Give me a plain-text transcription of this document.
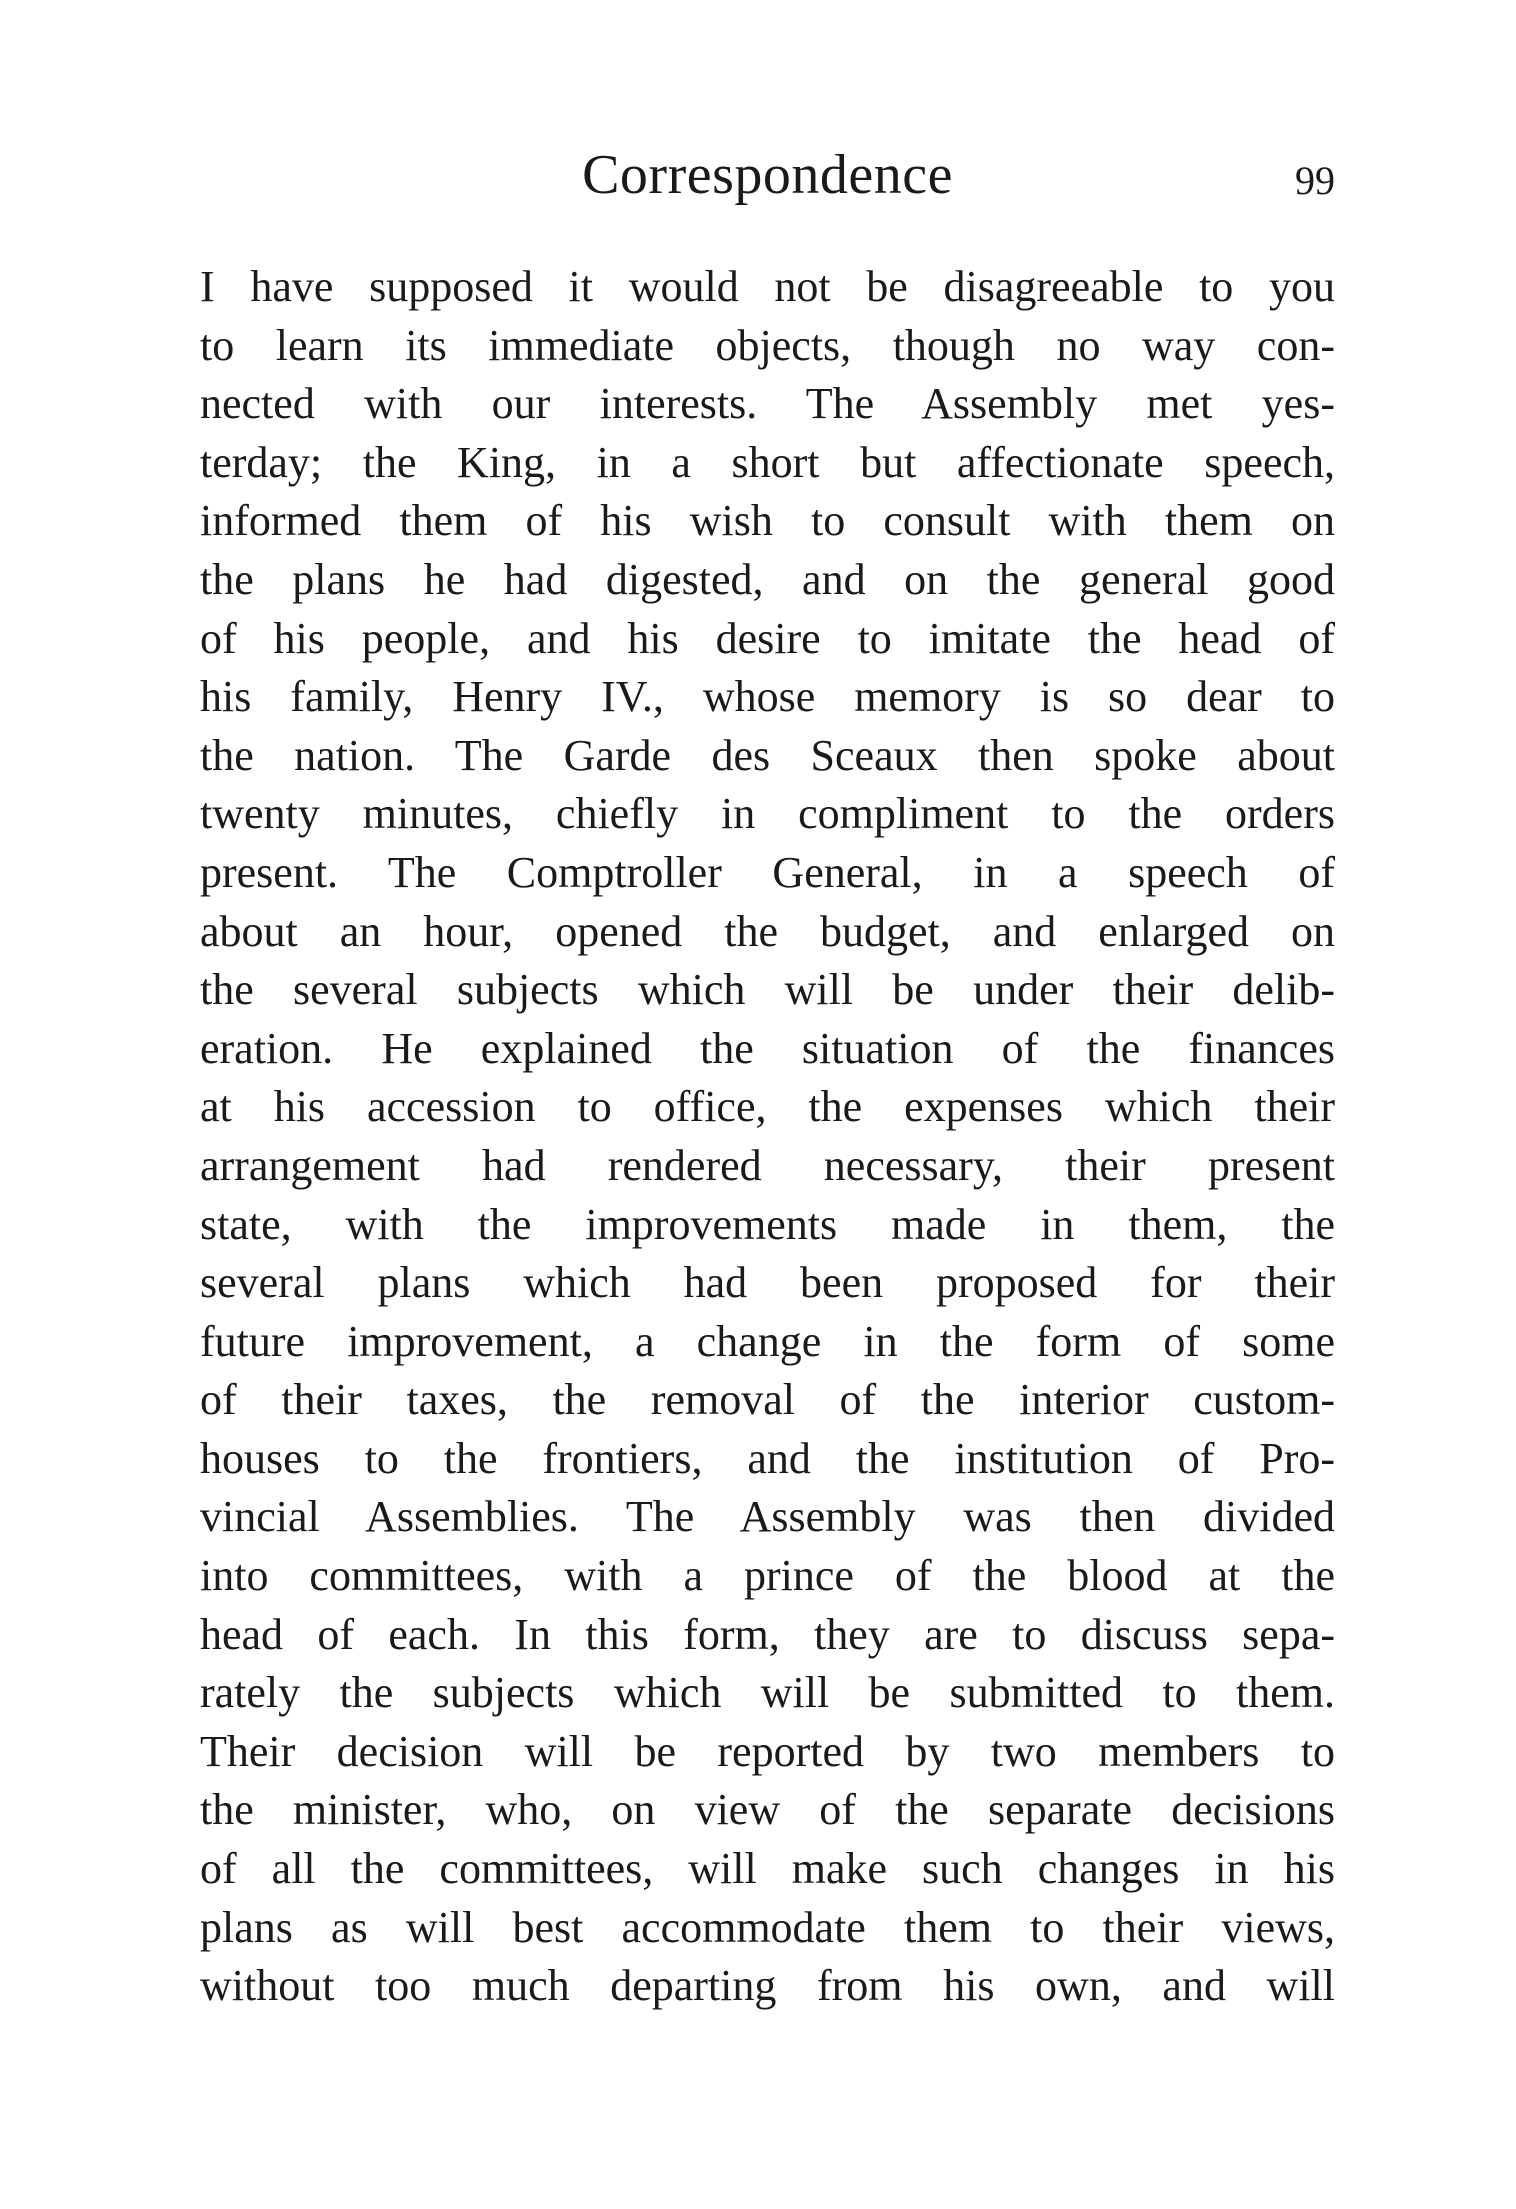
Correspondence	99
I have supposed it would not be disagreeable to you
to learn its immediate objects, though no way con-
nected with our interests. The Assembly met yes-
terday; the King, in a short but affectionate speech,
informed them of his wish to consult with them on
the plans he had digested, and on the general good
of his people, and his desire to imitate the head of
his family, Henry IV., whose memory is so dear to
the nation. The Garde des Sceaux then spoke about
twenty minutes, chiefly in compliment to the orders
present. The Comptroller General, in a speech of
about an hour, opened the budget, and enlarged on
the several subjects which will be under their delib-
eration. He explained the situation of the finances
at his accession to office, the expenses which their
arrangement had rendered necessary, their present
state, with the improvements made in them, the
several plans which had been proposed for their
future improvement, a change in the form of some
of their taxes, the removal of the interior custom-
houses to the frontiers, and the institution of Pro-
vincial Assemblies. The Assembly was then divided
into committees, with a prince of the blood at the
head of each. In this form, they are to discuss sepa-
rately the subjects which will be submitted to them.
Their decision will be reported by two members to
the minister, who, on view of the separate decisions
of all the committees, will make such changes in his
plans as will best accommodate them to their views,
without too much departing from his own, and will
